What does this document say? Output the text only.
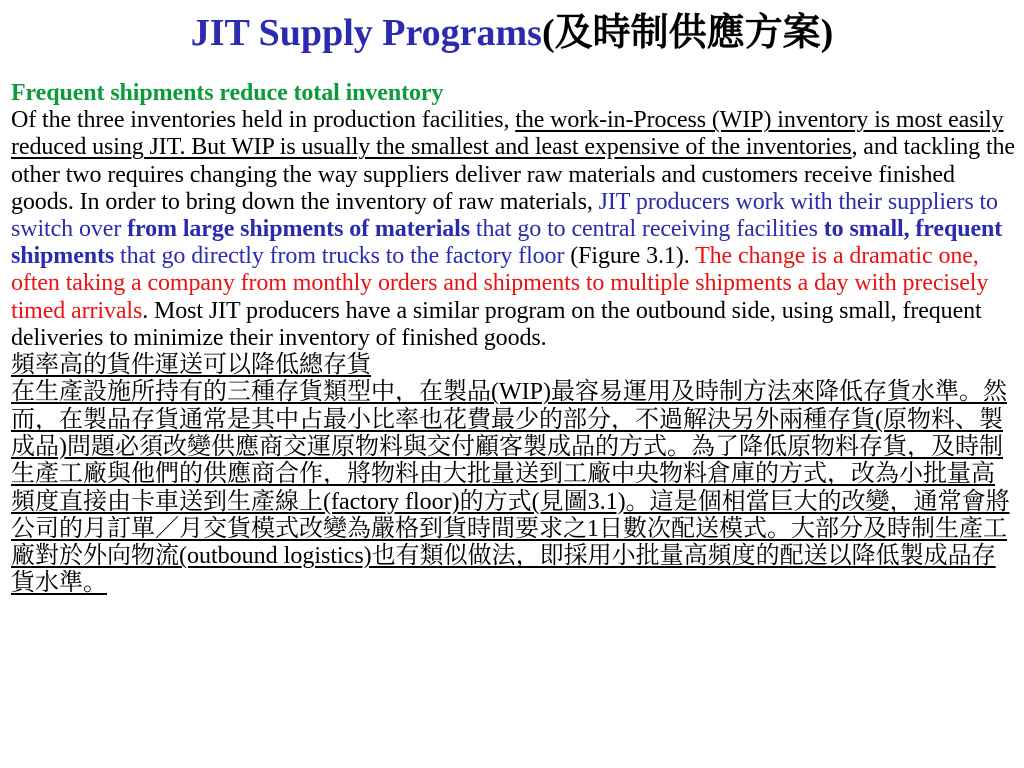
JIT Supply Programs(及時制供應方案)
Frequent shipments reduce total inventory
Of the three inventories held in production facilities, the work-in-Process (WIP) inventory is most easily reduced using JIT. But WIP is usually the smallest and least expensive of the inventories, and tackling the other two requires changing the way suppliers deliver raw materials and customers receive finished goods. In order to bring down the inventory of raw materials, JIT producers work with their suppliers to switch over from large shipments of materials that go to central receiving facilities to small, frequent shipments that go directly from trucks to the factory floor (Figure 3.1). The change is a dramatic one, often taking a company from monthly orders and shipments to multiple shipments a day with precisely timed arrivals. Most JIT producers have a similar program on the outbound side, using small, frequent deliveries to minimize their inventory of finished goods.
頻率高的貨件運送可以降低總存貨
在生產設施所持有的三種存貨類型中，在製品(WIP)最容易運用及時制方法來降低存貨水準。然而，在製品存貨通常是其中占最小比率也花費最少的部分，不過解決另外兩種存貨(原物料、製成品)問題必須改變供應商交運原物料與交付顧客製成品的方式。為了降低原物料存貨，及時制生產工廠與他們的供應商合作，將物料由大批量送到工廠中央物料倉庫的方式，改為小批量高頻度直接由卡車送到生產線上(factory floor)的方式(見圖3.1)。這是個相當巨大的改變，通常會將公司的月訂單／月交貨模式改變為嚴格到貨時間要求之1日數次配送模式。大部分及時制生產工廠對於外向物流(outbound logistics)也有類似做法，即採用小批量高頻度的配送以降低製成品存貨水準。
